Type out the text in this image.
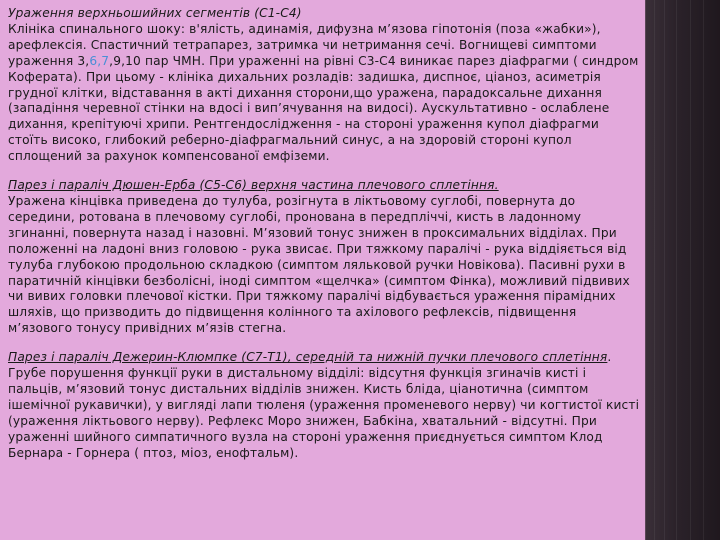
Ураження верхньошийних сегментів (С1-С4)
Клініка спинального шоку: в'ялість, адинамія, дифузна м’язова гіпотонія (поза «жабки»), арефлексія. Спастичний тетрапарез, затримка чи нетримання сечі. Вогнищеві симптоми ураження 3,6,7,9,10 пар ЧМН. При ураженні на рівні С3-С4 виникає парез діафрагми ( синдром Коферата). При цьому - клініка дихальних розладів: задишка, диспноє, ціаноз, асиметрія грудної клітки, відставання в акті дихання сторони,що уражена, парадоксальне дихання (западіння черевної стінки на вдосі і вип’ячування на видосі). Аускультативно - ослаблене дихання, крепітуючі хрипи. Рентгендослідження - на стороні ураження купол діафрагми стоїть високо, глибокий реберно-діафрагмальний синус, а на здоровій стороні купол сплощений за рахунок компенсованої емфіземи.

Парез і параліч Дюшен-Ерба (С5-С6) верхня частина плечового сплетіння.
Уражена кінцівка приведена до тулуба, розігнута в ліктьовому суглобі, повернута до середини, ротована в плечовому суглобі, пронована в передпліччі, кисть в ладонному згинанні, повернута назад і назовні. М’язовий тонус знижен в проксимальних відділах. При положенні на ладоні вниз головою - рука звисає. При тяжкому паралічі - рука віддіяється від тулуба глубокою продольною складкою (симптом ляльковой ручки Новікова). Пасивні рухи в паратичній кінцівки безболісні, іноді симптом «щелчка» (симптом Фінка), можливий підвивих чи вивих головки плечової кістки. При тяжкому паралічі відбувається ураження пірамідних шляхів, що призводить до підвищення колінного та ахілового рефлексів, підвищення м’язового тонусу привідних м’язів стегна.

Парез і параліч Дежерин-Клюмпке (С7-Т1), середній та нижній пучки плечового сплетіння.
Грубе порушення функції руки в дистальному відділі: відсутня функція згиначів кисті і пальців, м’язовий тонус дистальних відділів знижен. Кисть бліда, ціанотична (симптом ішемічної рукавички), у вигляді лапи тюленя (ураження променевого нерву) чи когтистої кисті (ураження ліктьового нерву). Рефлекс Моро знижен, Бабкіна, хватальний - відсутні. При ураженні шийного симпатичного вузла на стороні ураження приєднується симптом Клод Бернара - Горнера ( птоз, міоз, енофтальм).
